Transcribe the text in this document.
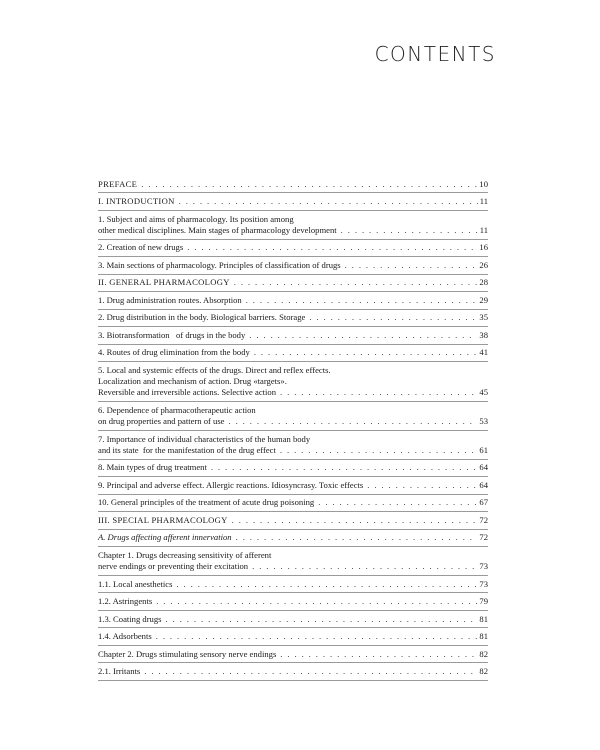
CONTENTS
PREFACE . . .	10
I. INTRODUCTION . . .	11
1. Subject and aims of pharmacology. Its position among
other medical disciplines. Main stages of pharmacology development . . .	11
2. Creation of new drugs . . .	16
3. Main sections of pharmacology. Principles of classification of drugs . . .	26
II. GENERAL PHARMACOLOGY . . .	28
1. Drug administration routes. Absorption . . .	29
2. Drug distribution in the body. Biological barriers. Storage . . .	35
3. Biotransformation   of drugs in the body . . .	38
4. Routes of drug elimination from the body . . .	41
5. Local and systemic effects of the drugs. Direct and reflex effects.
Localization and mechanism of action. Drug «targets».
Reversible and irreversible actions. Selective action . . .	45
6. Dependence of pharmacotherapeutic action
on drug properties and pattern of use . . .	53
7. Importance of individual characteristics of the human body
and its state  for the manifestation of the drug effect . . .	61
8. Main types of drug treatment . . .	64
9. Principal and adverse effect. Allergic reactions. Idiosyncrasy. Toxic effects . . .	64
10. General principles of the treatment of acute drug poisoning . . .	67
III. SPECIAL PHARMACOLOGY . . .	72
A. Drugs affecting afferent innervation . . .	72
Chapter 1. Drugs decreasing sensitivity of afferent
nerve endings or preventing their excitation . . .	73
1.1. Local anesthetics . . .	73
1.2. Astringents . . .	79
1.3. Coating drugs . . .	81
1.4. Adsorbents . . .	81
Chapter 2. Drugs stimulating sensory nerve endings . . .	82
2.1. Irritants . . .	82
